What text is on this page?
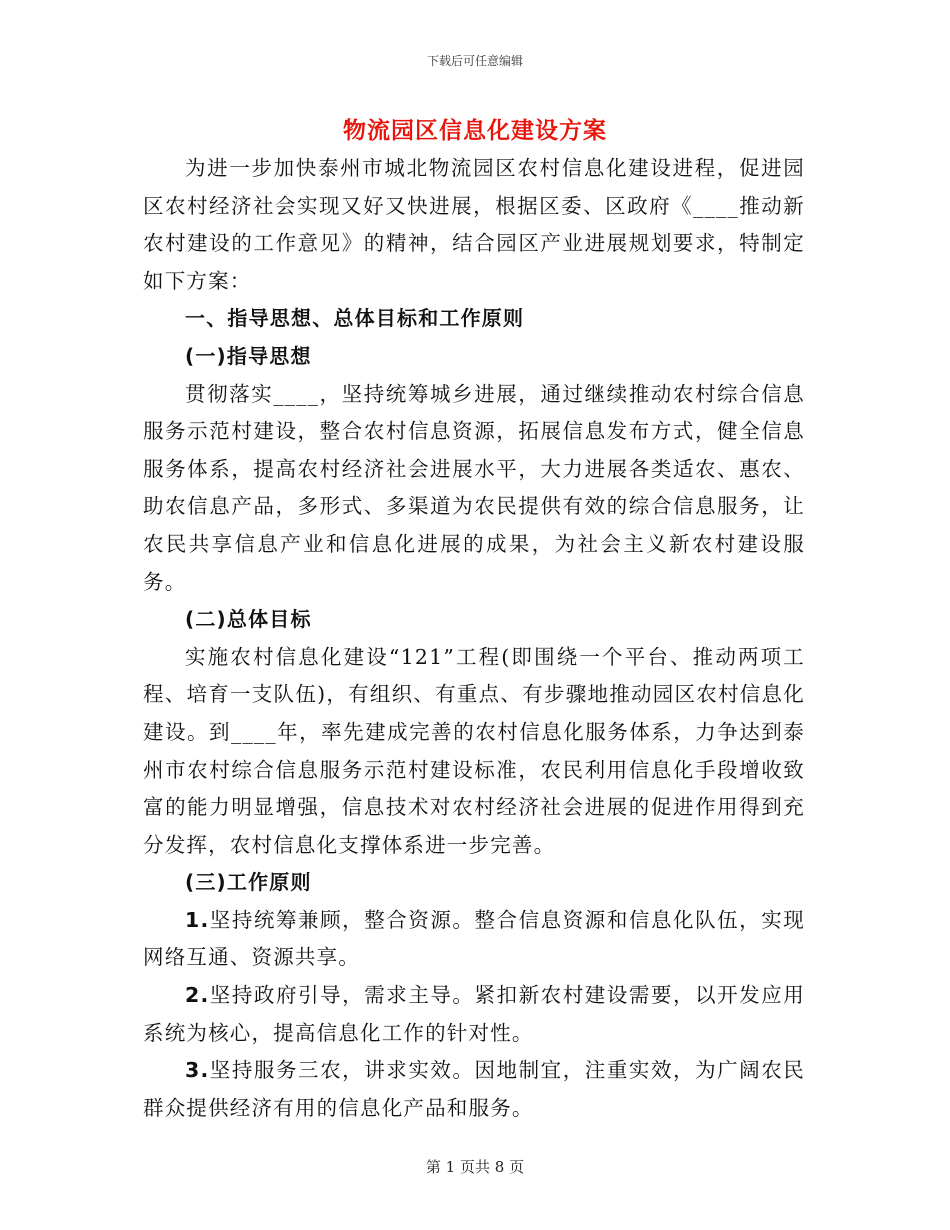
下载后可任意编辑
物流园区信息化建设方案

为进一步加快泰州市城北物流园区农村信息化建设进程，促进园区农村经济社会实现又好又快进展，根据区委、区政府《____推动新农村建设的工作意见》的精神，结合园区产业进展规划要求，特制定如下方案：

一、指导思想、总体目标和工作原则

(一)指导思想

贯彻落实____，坚持统筹城乡进展，通过继续推动农村综合信息服务示范村建设，整合农村信息资源，拓展信息发布方式，健全信息服务体系，提高农村经济社会进展水平，大力进展各类适农、惠农、助农信息产品，多形式、多渠道为农民提供有效的综合信息服务，让农民共享信息产业和信息化进展的成果，为社会主义新农村建设服务。

(二)总体目标

实施农村信息化建设“121”工程(即围绕一个平台、推动两项工程、培育一支队伍)，有组织、有重点、有步骤地推动园区农村信息化建设。到____年，率先建成完善的农村信息化服务体系，力争达到泰州市农村综合信息服务示范村建设标准，农民利用信息化手段增收致富的能力明显增强，信息技术对农村经济社会进展的促进作用得到充分发挥，农村信息化支撑体系进一步完善。

(三)工作原则

1.坚持统筹兼顾，整合资源。整合信息资源和信息化队伍，实现网络互通、资源共享。

2.坚持政府引导，需求主导。紧扣新农村建设需要，以开发应用系统为核心，提高信息化工作的针对性。

3.坚持服务三农，讲求实效。因地制宜，注重实效，为广阔农民群众提供经济有用的信息化产品和服务。

第 1 页共 8 页
